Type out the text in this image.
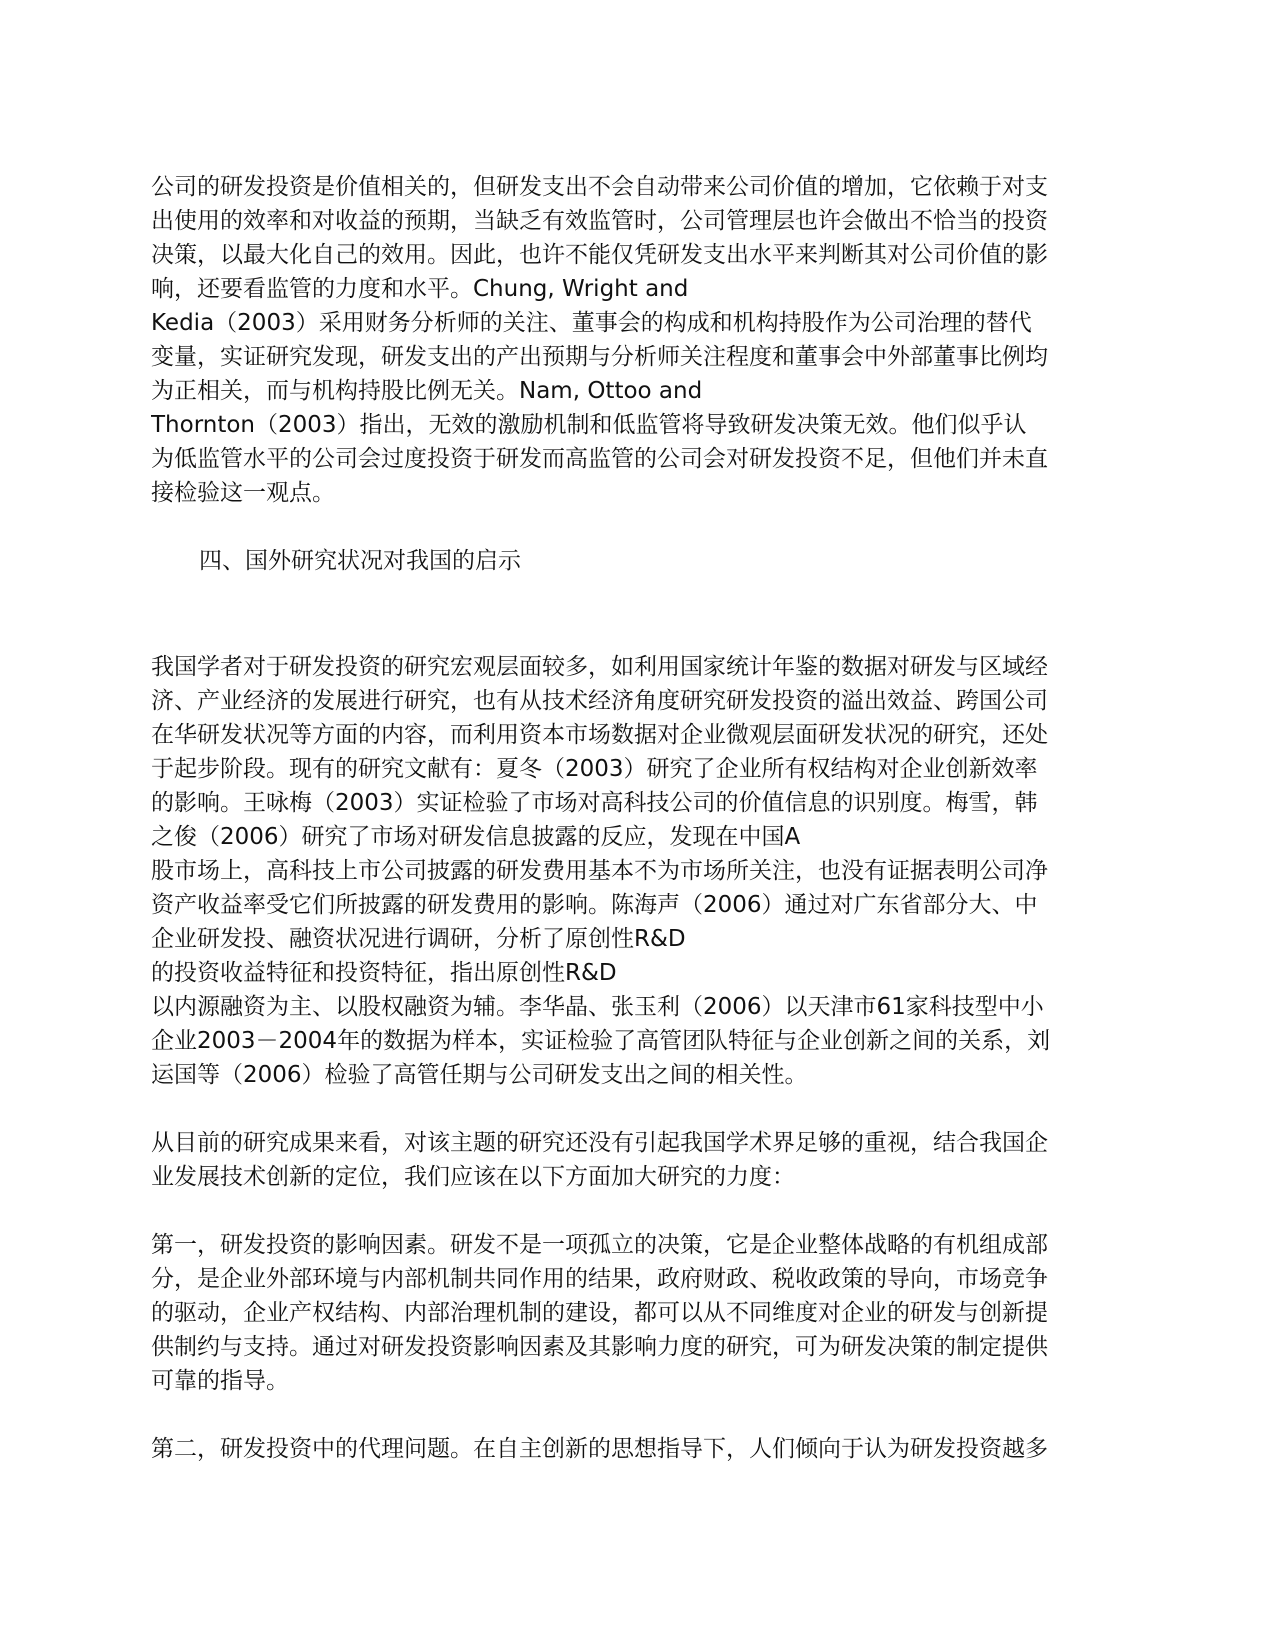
公司的研发投资是价值相关的，但研发支出不会自动带来公司价值的增加，它依赖于对支
出使用的效率和对收益的预期，当缺乏有效监管时，公司管理层也许会做出不恰当的投资
决策，以最大化自己的效用。因此，也许不能仅凭研发支出水平来判断其对公司价值的影
响，还要看监管的力度和水平。Chung, Wright and
Kedia（2003）采用财务分析师的关注、董事会的构成和机构持股作为公司治理的替代
变量，实证研究发现，研发支出的产出预期与分析师关注程度和董事会中外部董事比例均
为正相关，而与机构持股比例无关。Nam, Ottoo and
Thornton（2003）指出，无效的激励机制和低监管将导致研发决策无效。他们似乎认
为低监管水平的公司会过度投资于研发而高监管的公司会对研发投资不足，但他们并未直
接检验这一观点。
四、国外研究状况对我国的启示
我国学者对于研发投资的研究宏观层面较多，如利用国家统计年鉴的数据对研发与区域经
济、产业经济的发展进行研究，也有从技术经济角度研究研发投资的溢出效益、跨国公司
在华研发状况等方面的内容，而利用资本市场数据对企业微观层面研发状况的研究，还处
于起步阶段。现有的研究文献有：夏冬（2003）研究了企业所有权结构对企业创新效率
的影响。王咏梅（2003）实证检验了市场对高科技公司的价值信息的识别度。梅雪，韩
之俊（2006）研究了市场对研发信息披露的反应，发现在中国A
股市场上，高科技上市公司披露的研发费用基本不为市场所关注，也没有证据表明公司净
资产收益率受它们所披露的研发费用的影响。陈海声（2006）通过对广东省部分大、中
企业研发投、融资状况进行调研，分析了原创性R&D
的投资收益特征和投资特征，指出原创性R&D
以内源融资为主、以股权融资为辅。李华晶、张玉利（2006）以天津市61家科技型中小
企业2003－2004年的数据为样本，实证检验了高管团队特征与企业创新之间的关系，刘
运国等（2006）检验了高管任期与公司研发支出之间的相关性。
从目前的研究成果来看，对该主题的研究还没有引起我国学术界足够的重视，结合我国企
业发展技术创新的定位，我们应该在以下方面加大研究的力度：
第一，研发投资的影响因素。研发不是一项孤立的决策，它是企业整体战略的有机组成部
分，是企业外部环境与内部机制共同作用的结果，政府财政、税收政策的导向，市场竞争
的驱动，企业产权结构、内部治理机制的建设，都可以从不同维度对企业的研发与创新提
供制约与支持。通过对研发投资影响因素及其影响力度的研究，可为研发决策的制定提供
可靠的指导。
第二，研发投资中的代理问题。在自主创新的思想指导下，人们倾向于认为研发投资越多
